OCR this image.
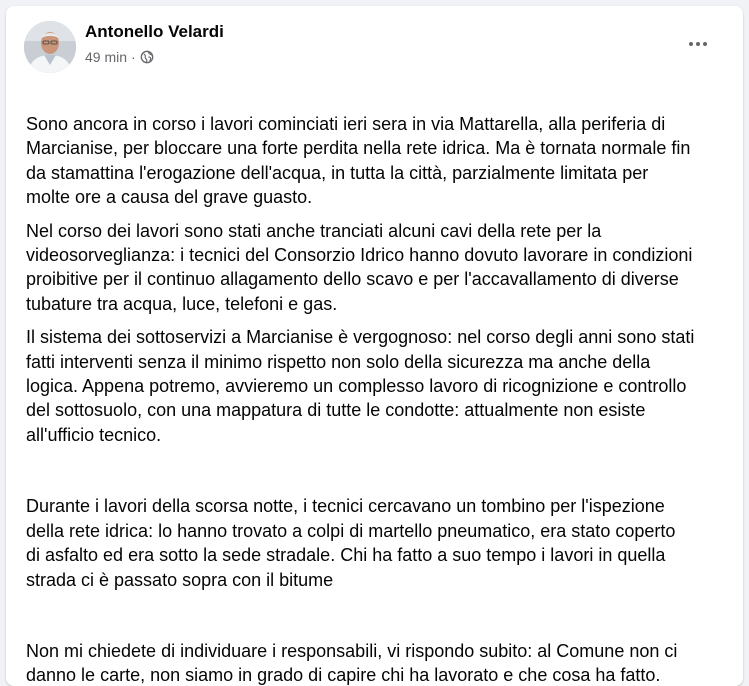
Antonello Velardi
49 min ·

Sono ancora in corso i lavori cominciati ieri sera in via Mattarella, alla periferia di

Marcianise, per bloccare una forte perdita nella rete idrica. Ma è tornata normale fin

da stamattina l'erogazione dell'acqua, in tutta la città, parzialmente limitata per

molte ore a causa del grave guasto.

Nel corso dei lavori sono stati anche tranciati alcuni cavi della rete per la

videosorveglianza: i tecnici del Consorzio Idrico hanno dovuto lavorare in condizioni

proibitive per il continuo allagamento dello scavo e per l'accavallamento di diverse

tubature tra acqua, luce, telefoni e gas.

Il sistema dei sottoservizi a Marcianise è vergognoso: nel corso degli anni sono stati

fatti interventi senza il minimo rispetto non solo della sicurezza ma anche della

logica. Appena potremo, avvieremo un complesso lavoro di ricognizione e controllo

del sottosuolo, con una mappatura di tutte le condotte: attualmente non esiste

all'ufficio tecnico.

Durante i lavori della scorsa notte, i tecnici cercavano un tombino per l'ispezione

della rete idrica: lo hanno trovato a colpi di martello pneumatico, era stato coperto

di asfalto ed era sotto la sede stradale. Chi ha fatto a suo tempo i lavori in quella

strada ci è passato sopra con il bitume

Non mi chiedete di individuare i responsabili, vi rispondo subito: al Comune non ci

danno le carte, non siamo in grado di capire chi ha lavorato e che cosa ha fatto.
